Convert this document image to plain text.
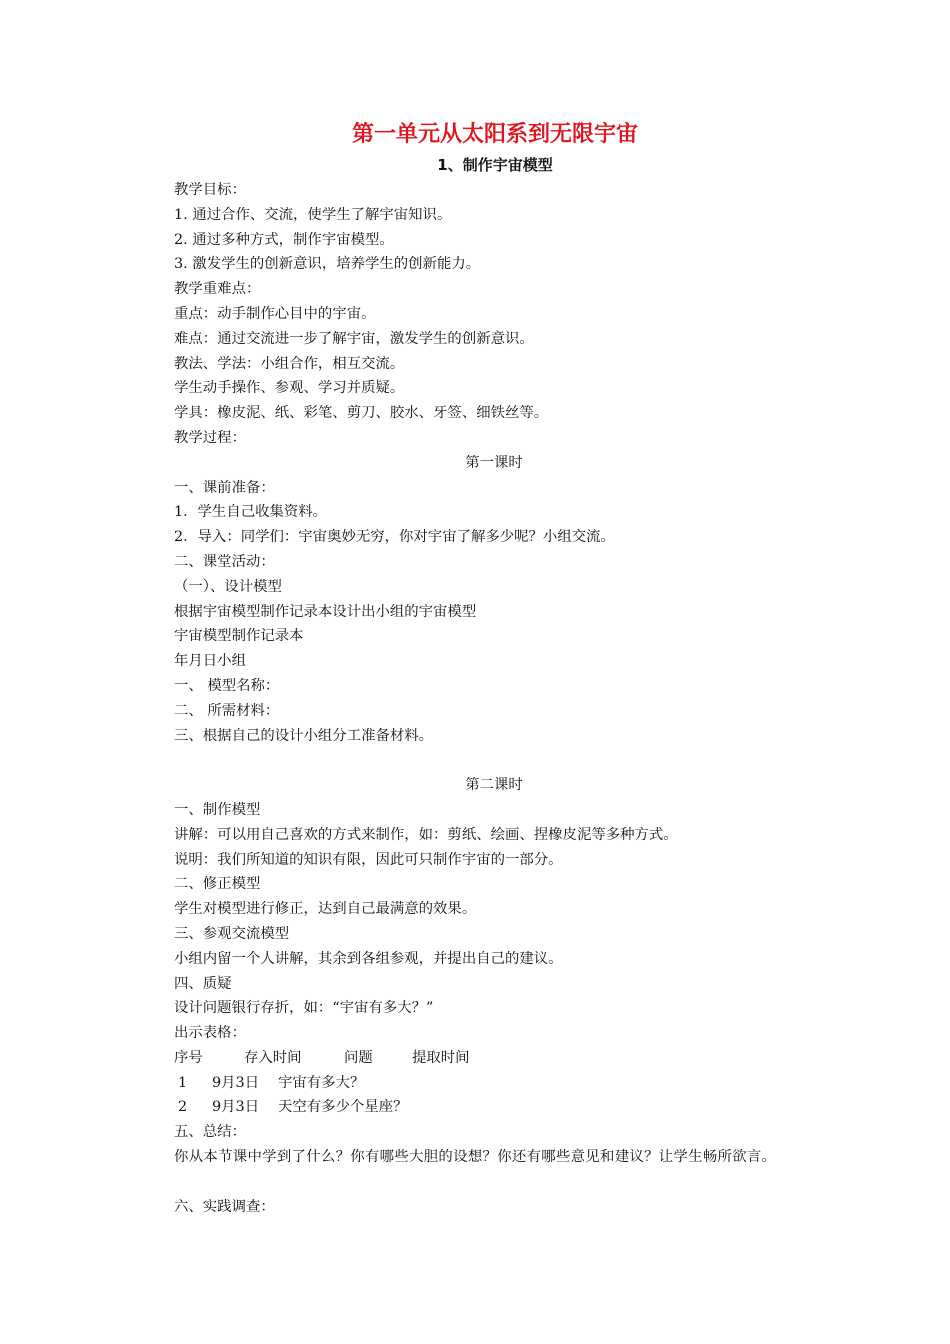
第一单元从太阳系到无限宇宙
1、制作宇宙模型
教学目标：
1. 通过合作、交流，使学生了解宇宙知识。
2. 通过多种方式，制作宇宙模型。
3. 激发学生的创新意识，培养学生的创新能力。
教学重难点：
重点：动手制作心目中的宇宙。
难点：通过交流进一步了解宇宙，激发学生的创新意识。
教法、学法：小组合作，相互交流。
学生动手操作、参观、学习并质疑。
学具：橡皮泥、纸、彩笔、剪刀、胶水、牙签、细铁丝等。
教学过程：
第一课时
一、课前准备：
1．学生自己收集资料。
2．导入：同学们：宇宙奥妙无穷，你对宇宙了解多少呢？小组交流。
二、课堂活动：
（一）、设计模型
根据宇宙模型制作记录本设计出小组的宇宙模型
宇宙模型制作记录本
年月日小组
一、 模型名称：
二、 所需材料：
三、根据自己的设计小组分工准备材料。
第二课时
一、制作模型
讲解：可以用自己喜欢的方式来制作，如：剪纸、绘画、捏橡皮泥等多种方式。
说明：我们所知道的知识有限，因此可只制作宇宙的一部分。
二、修正模型
学生对模型进行修正，达到自己最满意的效果。
三、参观交流模型
小组内留一个人讲解，其余到各组参观，并提出自己的建议。
四、质疑
设计问题银行存折，如：“宇宙有多大？”
出示表格：
序号	存入时间	问题	提取时间
1 9月3日 宇宙有多大？
2 9月3日 天空有多少个星座？
你从本节课中学到了什么？你有哪些大胆的设想？你还有哪些意见和建议？让学生畅所欲言。
五、总结：
六、实践调查：
